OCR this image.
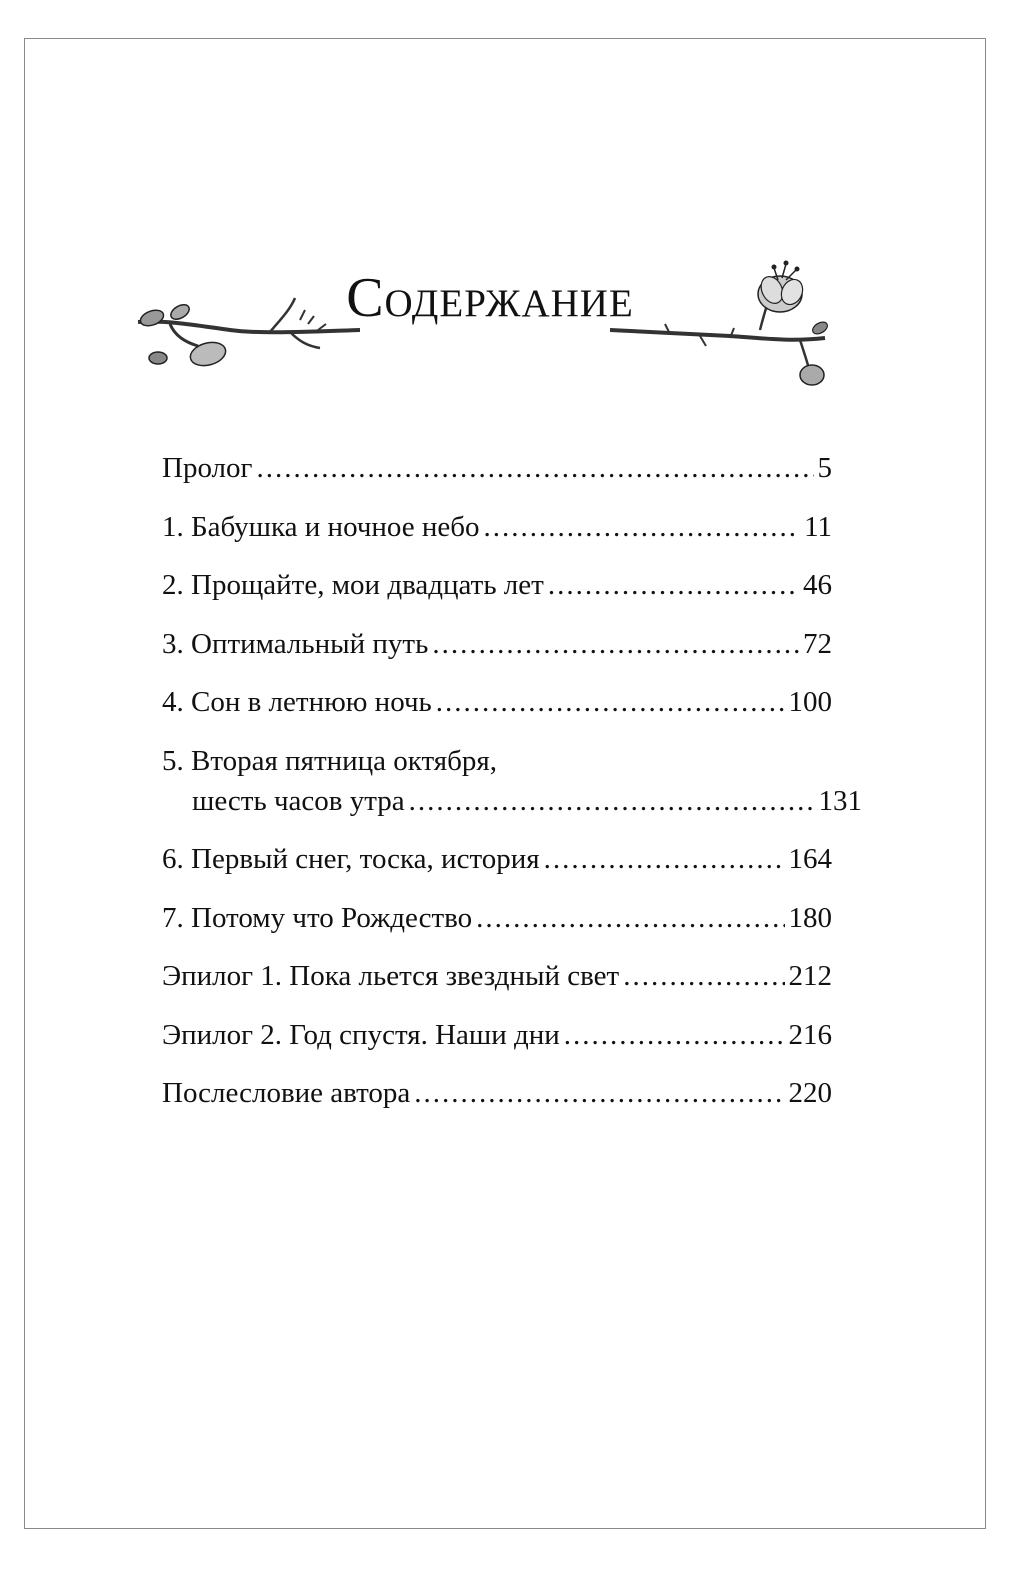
Содержание
Пролог .....	5
1. Бабушка и ночное небо .....	11
2. Прощайте, мои двадцать лет .....	46
3. Оптимальный путь .....	72
4. Сон в летнюю ночь .....	100
5. Вторая пятница октября,
шесть часов утра .....	131
6. Первый снег, тоска, история .....	164
7. Потому что Рождество .....	180
Эпилог 1. Пока льется звездный свет .....	212
Эпилог 2. Год спустя. Наши дни .....	216
Послесловие автора .....	220
